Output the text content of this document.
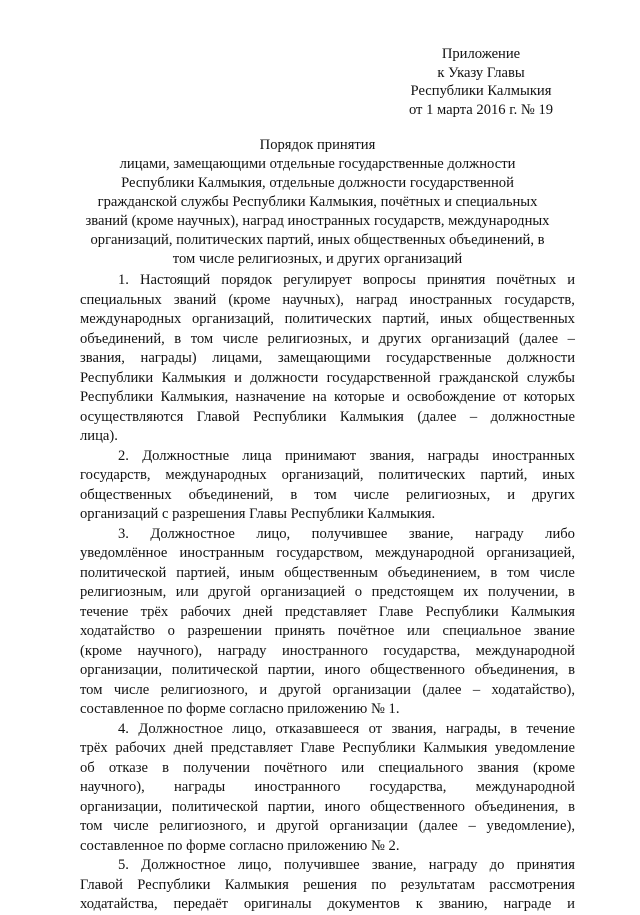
Приложение
к Указу Главы
Республики Калмыкия
от 1 марта 2016 г. № 19
Порядок принятия
лицами, замещающими отдельные государственные должности
Республики Калмыкия, отдельные должности государственной
гражданской службы Республики Калмыкия, почётных и специальных
званий (кроме научных), наград иностранных государств, международных
организаций, политических партий, иных общественных объединений, в
том числе религиозных, и других организаций
1. Настоящий порядок регулирует вопросы принятия почётных и
специальных званий (кроме научных), наград иностранных государств,
международных организаций, политических партий, иных общественных
объединений, в том числе религиозных, и других организаций (далее –
звания, награды) лицами, замещающими государственные должности
Республики Калмыкия и должности государственной гражданской службы
Республики Калмыкия, назначение на которые и освобождение от которых
осуществляются Главой Республики Калмыкия (далее – должностные
лица).
2. Должностные лица принимают звания, награды иностранных
государств, международных организаций, политических партий, иных
общественных объединений, в том числе религиозных, и других
организаций с разрешения Главы Республики Калмыкия.
3. Должностное лицо, получившее звание, награду либо
уведомлённое иностранным государством, международной организацией,
политической партией, иным общественным объединением, в том числе
религиозным, или другой организацией о предстоящем их получении, в
течение трёх рабочих дней представляет Главе Республики Калмыкия
ходатайство о разрешении принять почётное или специальное звание
(кроме научного), награду иностранного государства, международной
организации, политической партии, иного общественного объединения, в
том числе религиозного, и другой организации (далее – ходатайство),
составленное по форме согласно приложению № 1.
4. Должностное лицо, отказавшееся от звания, награды, в течение
трёх рабочих дней представляет Главе Республики Калмыкия уведомление
об отказе в получении почётного или специального звания (кроме
научного), награды иностранного государства, международной
организации, политической партии, иного общественного объединения, в
том числе религиозного, и другой организации (далее – уведомление),
составленное по форме согласно приложению № 2.
5. Должностное лицо, получившее звание, награду до принятия
Главой Республики Калмыкия решения по результатам рассмотрения
ходатайства, передаёт оригиналы документов к званию, награде и
